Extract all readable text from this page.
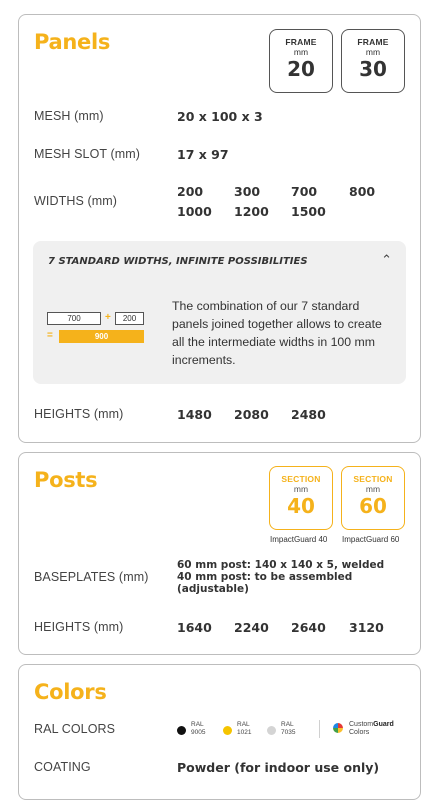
Panels	FRAME
mm
20
FRAME
mm
30
MESH (mm)	20 x 100 x 3
MESH SLOT (mm)	17 x 97
WIDTHS (mm)
200 300 700	800
1000 1200 1500
7 STANDARD WIDTHS, INFINITE POSSIBILITIES	⌃
700	+	200
=	900
The combination of our 7 standard panels joined together allows to create all the intermediate widths in 100 mm increments.
HEIGHTS (mm)	1480 2080 2480
Posts	SECTION
mm
40
ImpactGuard 40
SECTION
mm
60
ImpactGuard 60
BASEPLATES (mm)
60 mm post: 140 x 140 x 5, welded
40 mm post: to be assembled
(adjustable)
HEIGHTS (mm)	1640 2240 2640 3120
Colors
RAL COLORS	RAL
9005
RAL
1021
RAL
7035
CustomGuard
Colors
COATING	Powder (for indoor use only)
